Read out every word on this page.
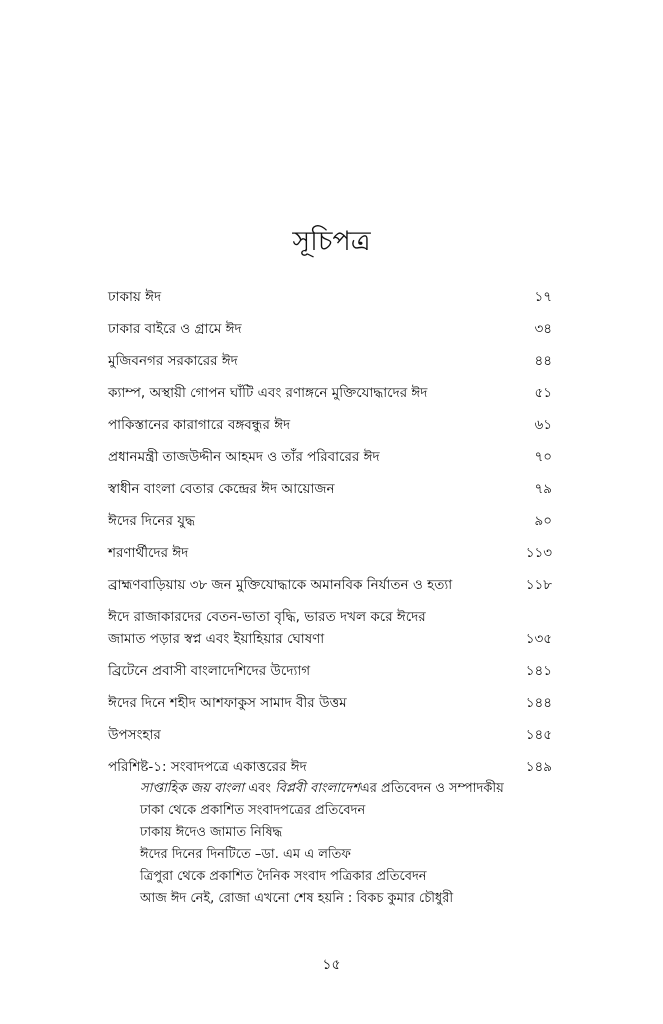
সূচিপত্র
ঢাকায় ঈদ	১৭
ঢাকার বাইরে ও গ্রামে ঈদ	৩৪
মুজিবনগর সরকারের ঈদ	৪৪
ক্যাম্প, অস্থায়ী গোপন ঘাঁটি এবং রণাঙ্গনে মুক্তিযোদ্ধাদের ঈদ	৫১
পাকিস্তানের কারাগারে বঙ্গবন্ধুর ঈদ	৬১
প্রধানমন্ত্রী তাজউদ্দীন আহমদ ও তাঁর পরিবারের ঈদ	৭০
স্বাধীন বাংলা বেতার কেন্দ্রের ঈদ আয়োজন	৭৯
ঈদের দিনের যুদ্ধ	৯০
শরণার্থীদের ঈদ	১১৩
ব্রাহ্মণবাড়িয়ায় ৩৮ জন মুক্তিযোদ্ধাকে অমানবিক নির্যাতন ও হত্যা	১১৮
ঈদে রাজাকারদের বেতন-ভাতা বৃদ্ধি, ভারত দখল করে ঈদের
জামাত পড়ার স্বপ্ন এবং ইয়াহিয়ার ঘোষণা	১৩৫
ব্রিটেনে প্রবাসী বাংলাদেশিদের উদ্যোগ	১৪১
ঈদের দিনে শহীদ আশফাকুস সামাদ বীর উত্তম	১৪৪
উপসংহার	১৪৫
পরিশিষ্ট-১: সংবাদপত্রে একাত্তরের ঈদ	১৪৯
সাপ্তাহিক জয় বাংলা এবং বিপ্লবী বাংলাদেশএর প্রতিবেদন ও সম্পাদকীয়
ঢাকা থেকে প্রকাশিত সংবাদপত্রের প্রতিবেদন
ঢাকায় ঈদেও জামাত নিষিদ্ধ
ঈদের দিনের দিনটিতে –ডা. এম এ লতিফ
ত্রিপুরা থেকে প্রকাশিত দৈনিক সংবাদ পত্রিকার প্রতিবেদন
আজ ঈদ নেই, রোজা এখনো শেষ হয়নি : বিকচ কুমার চৌধুরী
১৫
